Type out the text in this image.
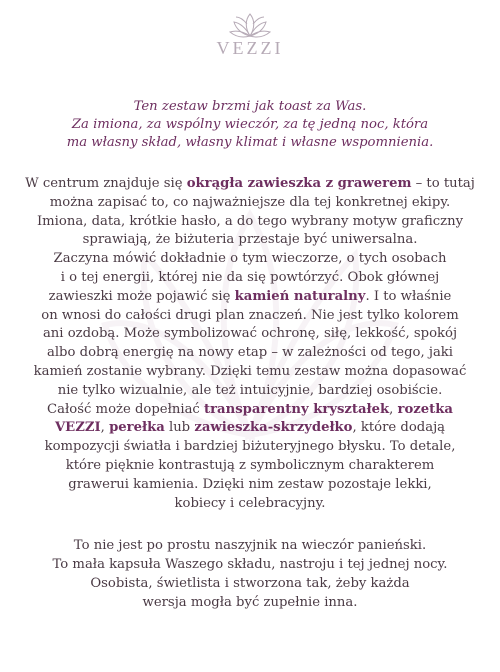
VEZZI

Ten zestaw brzmi jak toast za Was.

Za imiona, za wspólny wieczór, za tę jedną noc, która

ma własny skład, własny klimat i własne wspomnienia.

W centrum znajduje się okrągła zawieszka z grawerem – to tutaj

można zapisać to, co najważniejsze dla tej konkretnej ekipy.

Imiona, data, krótkie hasło, a do tego wybrany motyw graficzny

sprawiają, że biżuteria przestaje być uniwersalna.

Zaczyna mówić dokładnie o tym wieczorze, o tych osobach

i o tej energii, której nie da się powtórzyć. Obok głównej

zawieszki może pojawić się kamień naturalny. I to właśnie

on wnosi do całości drugi plan znaczeń. Nie jest tylko kolorem

ani ozdobą. Może symbolizować ochronę, siłę, lekkość, spokój

albo dobrą energię na nowy etap – w zależności od tego, jaki

kamień zostanie wybrany. Dzięki temu zestaw można dopasować

nie tylko wizualnie, ale też intuicyjnie, bardziej osobiście.

Całość może dopełniać transparentny kryształek, rozetka

VEZZI, perełka lub zawieszka-skrzydełko, które dodają

kompozycji światła i bardziej biżuteryjnego błysku. To detale,

które pięknie kontrastują z symbolicznym charakterem

grawerui kamienia. Dzięki nim zestaw pozostaje lekki,

kobiecy i celebracyjny.

To nie jest po prostu naszyjnik na wieczór panieński.

To mała kapsuła Waszego składu, nastroju i tej jednej nocy.

Osobista, świetlista i stworzona tak, żeby każda

wersja mogła być zupełnie inna.
